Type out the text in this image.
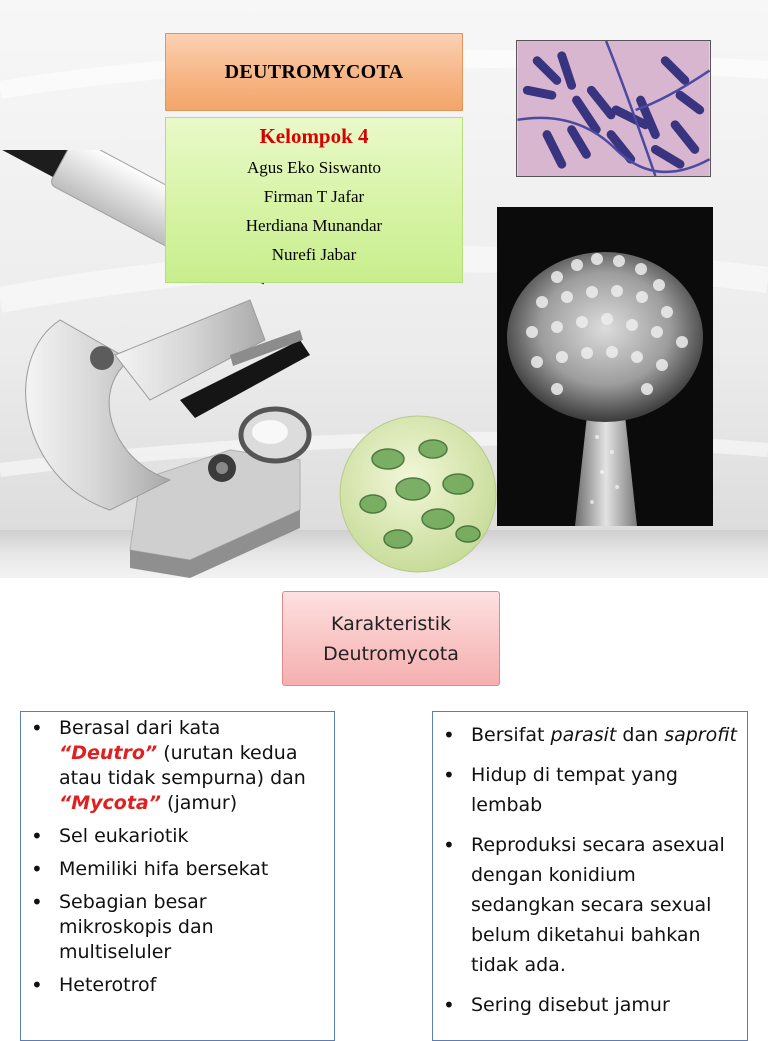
DEUTROMYCOTA
Kelompok 4
Agus Eko Siswanto
Firman T Jafar
Herdiana Munandar
Nurefi Jabar
Karakteristik
Deutromycota
• Berasal dari kata “Deutro” (urutan kedua atau tidak sempurna) dan “Mycota” (jamur)
• Sel eukariotik
• Memiliki hifa bersekat
• Sebagian besar mikroskopis dan multiseluler
• Heterotrof
• Bersifat parasit dan saprofit
• Hidup di tempat yang lembab
• Reproduksi secara asexual dengan konidium sedangkan secara sexual belum diketahui bahkan tidak ada.
• Sering disebut jamur
